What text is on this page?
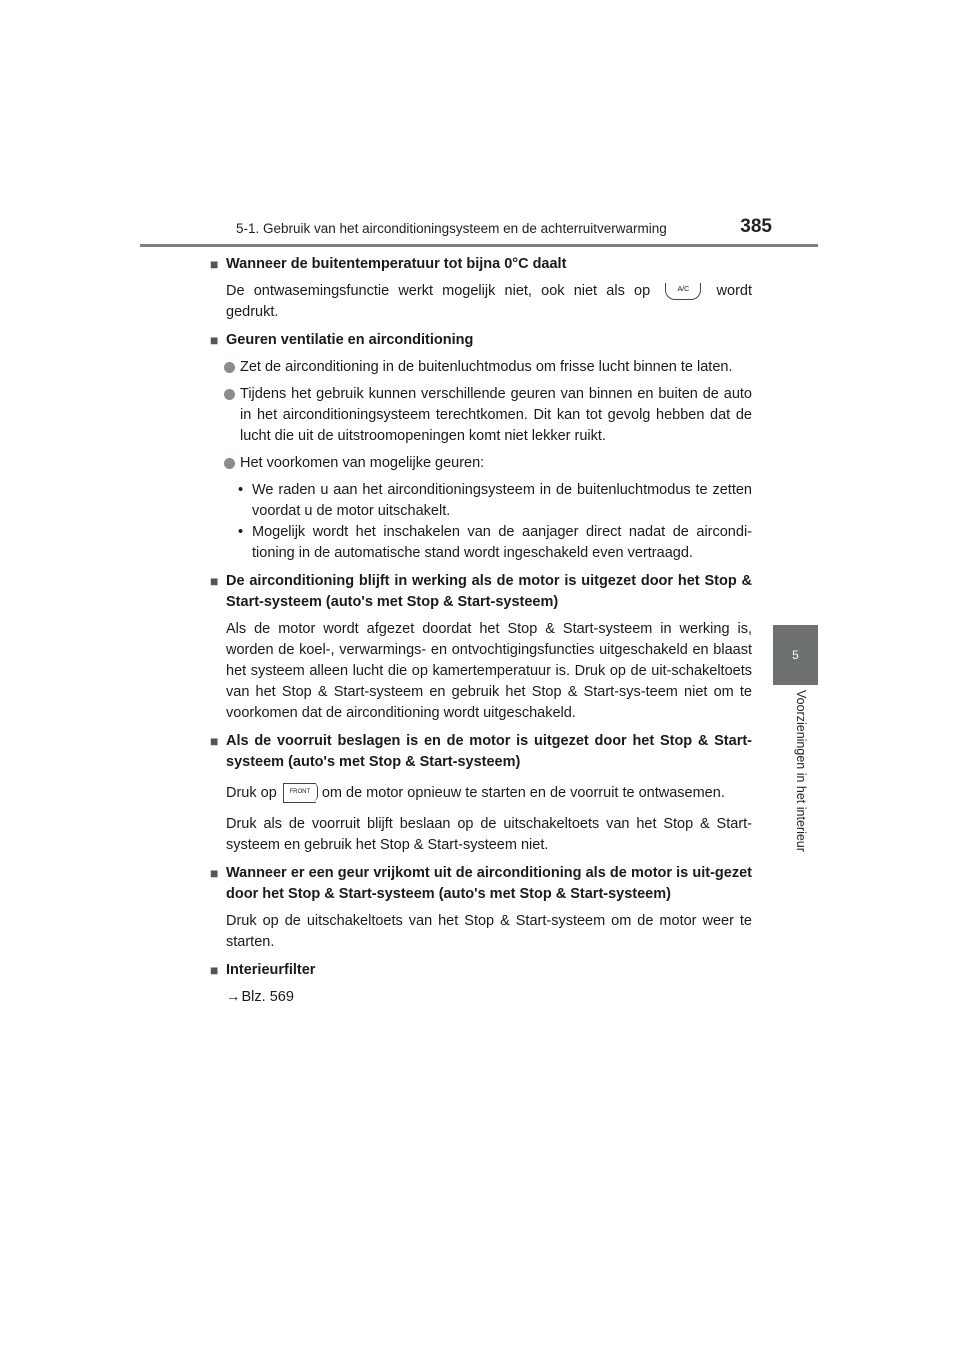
5-1. Gebruik van het airconditioningsysteem en de achterruitverwarming	385
5
Voorzieningen in het interieur
■ Wanneer de buitentemperatuur tot bijna 0°C daalt
De ontwasemingsfunctie werkt mogelijk niet, ook niet als op	A/C wordt gedrukt.
■ Geuren ventilatie en airconditioning
Zet de airconditioning in de buitenluchtmodus om frisse lucht binnen te laten.
Tijdens het gebruik kunnen verschillende geuren van binnen en buiten de auto in het airconditioningsysteem terechtkomen. Dit kan tot gevolg hebben dat de lucht die uit de uitstroomopeningen komt niet lekker ruikt.
Het voorkomen van mogelijke geuren:
• We raden u aan het airconditioningsysteem in de buitenluchtmodus te zetten voordat u de motor uitschakelt.
• Mogelijk wordt het inschakelen van de aanjager direct nadat de aircondi-tioning in de automatische stand wordt ingeschakeld even vertraagd.
■ De airconditioning blijft in werking als de motor is uitgezet door het Stop & Start-systeem (auto's met Stop & Start-systeem)
Als de motor wordt afgezet doordat het Stop & Start-systeem in werking is, worden de koel-, verwarmings- en ontvochtigingsfuncties uitgeschakeld en blaast het systeem alleen lucht die op kamertemperatuur is. Druk op de uit-schakeltoets van het Stop & Start-systeem en gebruik het Stop & Start-sys-teem niet om te voorkomen dat de airconditioning wordt uitgeschakeld.
■ Als de voorruit beslagen is en de motor is uitgezet door het Stop & Start-systeem (auto's met Stop & Start-systeem)
Druk op FRONT om de motor opnieuw te starten en de voorruit te ontwasemen.
Druk als de voorruit blijft beslaan op de uitschakeltoets van het Stop & Start-systeem en gebruik het Stop & Start-systeem niet.
■ Wanneer er een geur vrijkomt uit de airconditioning als de motor is uit-gezet door het Stop & Start-systeem (auto's met Stop & Start-systeem)
Druk op de uitschakeltoets van het Stop & Start-systeem om de motor weer te starten.
■ Interieurfilter
→Blz. 569
